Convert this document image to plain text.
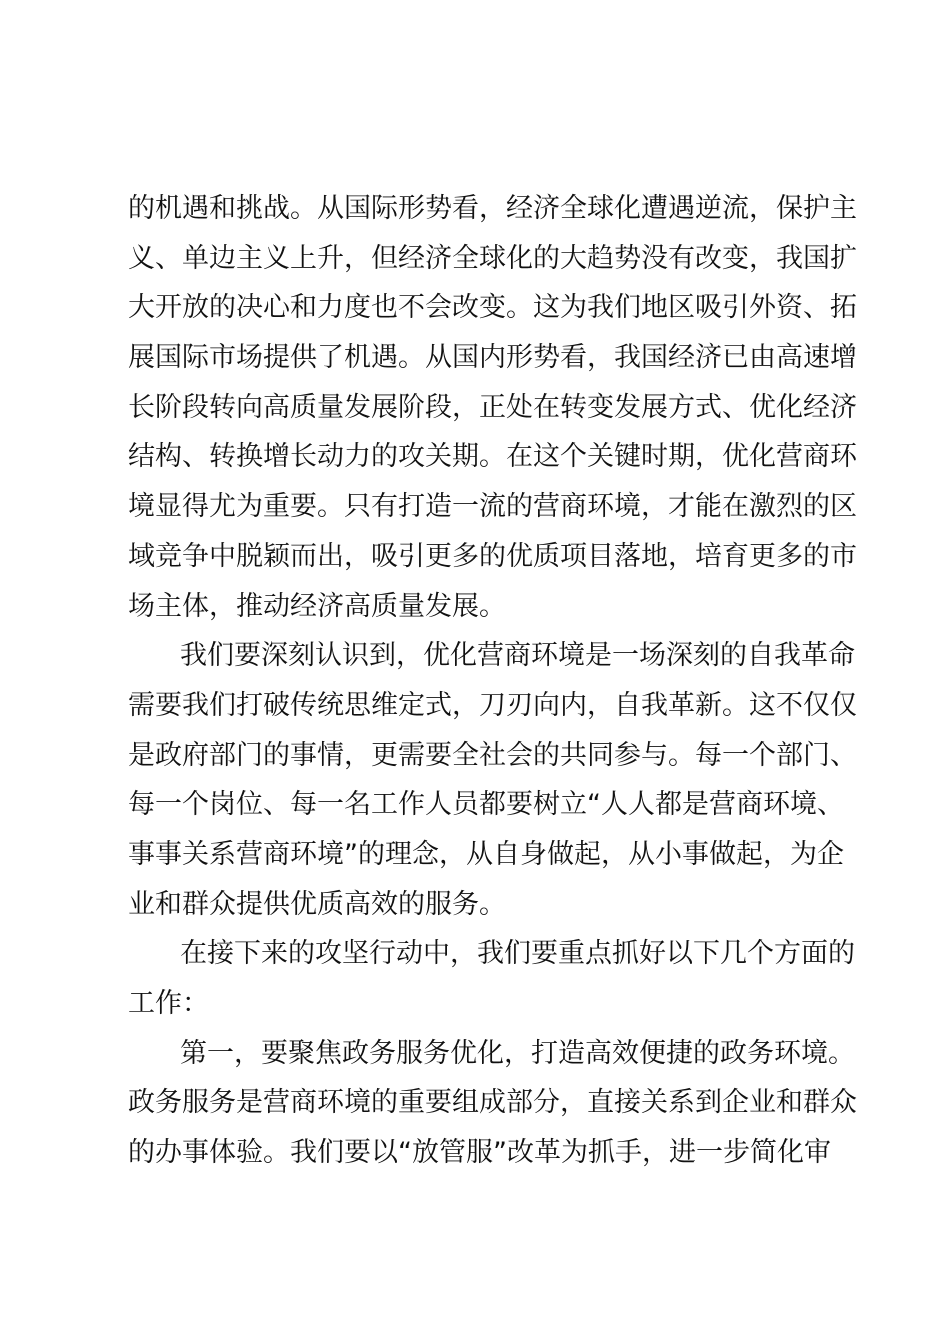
的机遇和挑战。从国际形势看，经济全球化遭遇逆流，保护主
义、单边主义上升，但经济全球化的大趋势没有改变，我国扩
大开放的决心和力度也不会改变。这为我们地区吸引外资、拓
展国际市场提供了机遇。从国内形势看，我国经济已由高速增
长阶段转向高质量发展阶段，正处在转变发展方式、优化经济
结构、转换增长动力的攻关期。在这个关键时期，优化营商环
境显得尤为重要。只有打造一流的营商环境，才能在激烈的区
域竞争中脱颖而出，吸引更多的优质项目落地，培育更多的市
场主体，推动经济高质量发展。
我们要深刻认识到，优化营商环境是一场深刻的自我革命
需要我们打破传统思维定式，刀刃向内，自我革新。这不仅仅
是政府部门的事情，更需要全社会的共同参与。每一个部门、
每一个岗位、每一名工作人员都要树立“人人都是营商环境、
事事关系营商环境”的理念，从自身做起，从小事做起，为企
业和群众提供优质高效的服务。
在接下来的攻坚行动中，我们要重点抓好以下几个方面的
工作：
第一，要聚焦政务服务优化，打造高效便捷的政务环境。
政务服务是营商环境的重要组成部分，直接关系到企业和群众
的办事体验。我们要以“放管服”改革为抓手，进一步简化审
